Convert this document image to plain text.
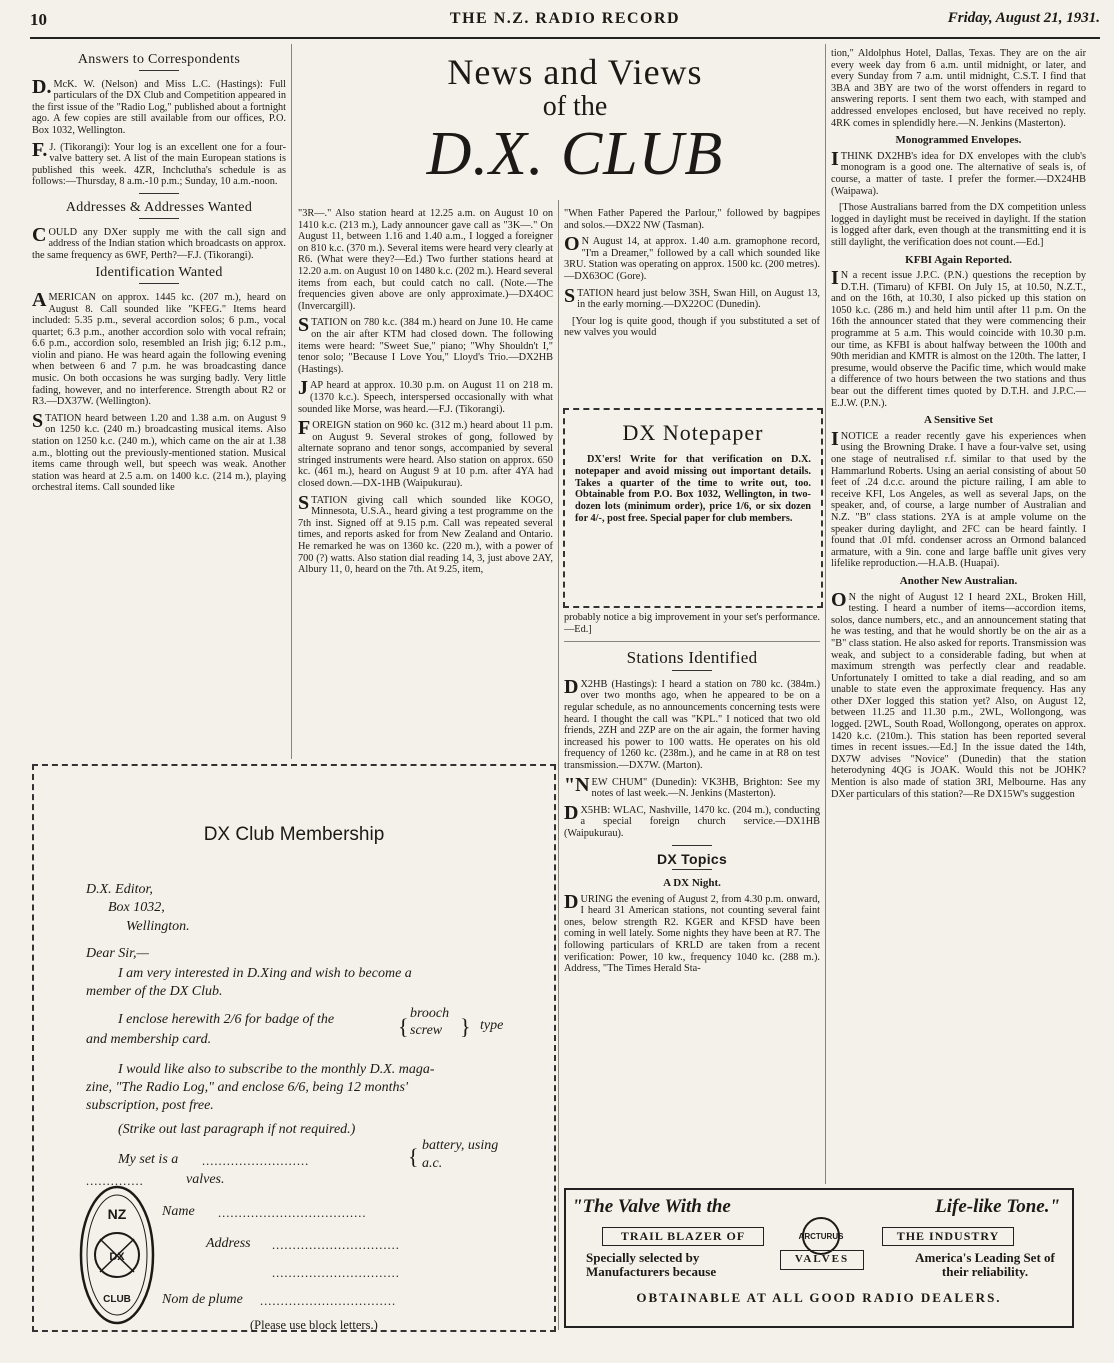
10	THE N.Z. RADIO RECORD	Friday, August 21, 1931.
News and Views
of the
D.X. CLUB
Answers to Correspondents

D. McK. W. (Nelson) and Miss L.C. (Hastings): Full particulars of the DX Club and Competition appeared in the first issue of the "Radio Log," published about a fortnight ago. A few copies are still available from our offices, P.O. Box 1032, Wellington.

F. J. (Tikorangi): Your log is an excellent one for a four-valve battery set. A list of the main European stations is published this week. 4ZR, Inchclutha's schedule is as follows:—Thursday, 8 a.m.-10 p.m.; Sunday, 10 a.m.-noon.

Addresses & Addresses Wanted

COULD any DXer supply me with the call sign and address of the Indian station which broadcasts on approx. the same frequency as 6WF, Perth?—F.J. (Tikorangi).

Identification Wanted

AMERICAN on approx. 1445 kc. (207 m.), heard on August 8. Call sounded like "KFEG." Items heard included: 5.35 p.m., several accordion solos; 6 p.m., vocal quartet; 6.3 p.m., another accordion solo with vocal refrain; 6.6 p.m., accordion solo, resembled an Irish jig; 6.12 p.m., violin and piano. He was heard again the following evening when between 6 and 7 p.m. he was broadcasting dance music. On both occasions he was surging badly. Very little fading, however, and no interference. Strength about R2 or R3.—DX37W. (Wellington).

STATION heard between 1.20 and 1.38 a.m. on August 9 on 1250 k.c. (240 m.) broadcasting musical items. Also station on 1250 k.c. (240 m.), which came on the air at 1.38 a.m., blotting out the previously-mentioned station. Musical items came through well, but speech was weak. Another station was heard at 2.5 a.m. on 1400 k.c. (214 m.), playing orchestral items. Call sounded like

"3R—." Also station heard at 12.25 a.m. on August 10 on 1410 k.c. (213 m.), Lady announcer gave call as "3K—." On August 11, between 1.16 and 1.40 a.m., I logged a foreigner on 810 k.c. (370 m.). Several items were heard very clearly at R6. (What were they?—Ed.) Two further stations heard at 12.20 a.m. on August 10 on 1480 k.c. (202 m.). Heard several items from each, but could catch no call. (Note.—The frequencies given above are only approximate.)—DX4OC (Invercargill).

STATION on 780 k.c. (384 m.) heard on June 10. He came on the air after KTM had closed down. The following items were heard: "Sweet Sue," piano; "Why Shouldn't I," tenor solo; "Because I Love You," Lloyd's Trio.—DX2HB (Hastings).

JAP heard at approx. 10.30 p.m. on August 11 on 218 m. (1370 k.c.). Speech, interspersed occasionally with what sounded like Morse, was heard.—F.J. (Tikorangi).

FOREIGN station on 960 kc. (312 m.) heard about 11 p.m. on August 9. Several strokes of gong, followed by alternate soprano and tenor songs, accompanied by several stringed instruments were heard. Also station on approx. 650 kc. (461 m.), heard on August 9 at 10 p.m. after 4YA had closed down.—DX-1HB (Waipukurau).

STATION giving call which sounded like KOGO, Minnesota, U.S.A., heard giving a test programme on the 7th inst. Signed off at 9.15 p.m. Call was repeated several times, and reports asked for from New Zealand and Ontario. He remarked he was on 1360 kc. (220 m.), with a power of 700 (?) watts. Also station dial reading 14, 3, just above 2AY, Albury 11, 0, heard on the 7th. At 9.25, item,

"When Father Papered the Parlour," followed by bagpipes and solos.—DX22 NW (Tasman).

O N August 14, at approx. 1.40 a.m. gramophone record, "I'm a Dreamer," followed by a call which sounded like 3RU. Station was operating on approx. 1500 kc. (200 metres).—DX63OC (Gore).

STATION heard just below 3SH, Swan Hill, on August 13, in the early morning.—DX22OC (Dunedin).

[Your log is quite good, though if you substituted a set of new valves you would

DX Notepaper

DX'ers! Write for that verification on D.X. notepaper and avoid missing out important details. Takes a quarter of the time to write out, too. Obtainable from P.O. Box 1032, Wellington, in two-dozen lots (minimum order), price 1/6, or six dozen for 4/-, post free. Special paper for club members.

probably notice a big improvement in your set's performance.—Ed.]

Stations Identified

D X2HB (Hastings): I heard a station on 780 kc. (384m.) over two months ago, when he appeared to be on a regular schedule, as no announcements concerning tests were heard. I thought the call was "KPL." I noticed that two old friends, 2ZH and 2ZP are on the air again, the former having increased his power to 100 watts. He operates on his old frequency of 1260 kc. (238m.), and he came in at R8 on test transmission.—DX7W. (Marton).

"NEW CHUM" (Dunedin): VK3HB, Brighton: See my notes of last week.—N. Jenkins (Masterton).

D X5HB: WLAC, Nashville, 1470 kc. (204 m.), conducting a special foreign church service.—DX1HB (Waipukurau).

DX Topics
A DX Night.

DURING the evening of August 2, from 4.30 p.m. onward, I heard 31 American stations, not counting several faint ones, below strength R2. KGER and KFSD have been coming in well lately. Some nights they have been at R7. The following particulars of KRLD are taken from a recent verification: Power, 10 kw., frequency 1040 kc. (288 m.). Address, "The Times Herald Sta-

tion," Aldolphus Hotel, Dallas, Texas. They are on the air every week day from 6 a.m. until midnight, or later, and every Sunday from 7 a.m. until midnight, C.S.T. I find that 3BA and 3BY are two of the worst offenders in regard to answering reports. I sent them two each, with stamped and addressed envelopes enclosed, but have received no reply. 4RK comes in splendidly here.—N. Jenkins (Masterton).

Monogrammed Envelopes.

I THINK DX2HB's idea for DX envelopes with the club's monogram is a good one. The alternative of seals is, of course, a matter of taste. I prefer the former.—DX24HB (Waipawa).

[Those Australians barred from the DX competition unless logged in daylight must be received in daylight. If the station is logged after dark, even though at the transmitting end it is still daylight, the verification does not count.—Ed.]

KFBI Again Reported.

I N a recent issue J.P.C. (P.N.) questions the reception by D.T.H. (Timaru) of KFBI. On July 15, at 10.50, N.Z.T., and on the 16th, at 10.30, I also picked up this station on 1050 k.c. (286 m.) and held him until after 11 p.m. On the 16th the announcer stated that they were commencing their programme at 5 a.m. This would coincide with 10.30 p.m. our time, as KFBI is about halfway between the 100th and 90th meridian and KMTR is almost on the 120th. The latter, I presume, would observe the Pacific time, which would make a difference of two hours between the two stations and thus bear out the different times quoted by D.T.H. and J.P.C.—E.J.W. (P.N.).

A Sensitive Set

I NOTICE a reader recently gave his experiences when using the Browning Drake. I have a four-valve set, using one stage of neutralised r.f. similar to that used by the Hammarlund Roberts. Using an aerial consisting of about 50 feet of .24 d.c.c. around the picture railing, I am able to receive KFI, Los Angeles, as well as several Japs, on the speaker, and, of course, a large number of Australian and N.Z. "B" class stations. 2YA is at ample volume on the speaker during daylight, and 2FC can be heard faintly. I found that .01 mfd. condenser across an Ormond balanced armature, with a 9in. cone and large baffle unit gives very lifelike reproduction.—H.A.B. (Huapai).

Another New Australian.

O N the night of August 12 I heard 2XL, Broken Hill, testing. I heard a number of items—accordion items, solos, dance numbers, etc., and an announcement stating that he was testing, and that he would shortly be on the air as a "B" class station. He also asked for reports. Transmission was weak, and subject to a considerable fading, but when at maximum strength was perfectly clear and readable. Unfortunately I omitted to take a dial reading, and so am unable to state even the approximate frequency. Has any other DXer logged this station yet? Also, on August 12, between 11.25 and 11.30 p.m., 2WL, Wollongong, was logged. [2WL, South Road, Wollongong, operates on approx. 1420 k.c. (210m.). This station has been reported several times in recent issues.—Ed.] In the issue dated the 14th, DX7W advises "Novice" (Dunedin) that the station heterodyning 4QG is JOAK. Would this not be JOHK? Mention is also made of station 3RI, Melbourne. Has any DXer particulars of this station?—Re DX15W's suggestion

DX Club Membership
D.X. Editor,
Box 1032,
Wellington.
Dear Sir,—
I am very interested in D.Xing and wish to become a
member of the DX Club.
I enclose herewith 2/6 for badge of the	{
brooch
screw } type
and membership card.
I would like also to subscribe to the monthly D.X. maga-
zine, "The Radio Log," and enclose 6/6, being 12 months'
subscription, post free.
(Strike out last paragraph if not required.)
{ battery, using
a.c.
My set is a ..........................
..............	valves.
Name ....................................
Address ...............................
...............................
Nom de plume .................................
(Please use block letters.)
NZ
DX
CLUB
"The Valve With the	Life-like Tone."
TRAIL BLAZER OF	THE INDUSTRY
ARCTURUS
VALVES
Specially selected by Manufacturers because
America's Leading Set of their reliability.
OBTAINABLE AT ALL GOOD RADIO DEALERS.
